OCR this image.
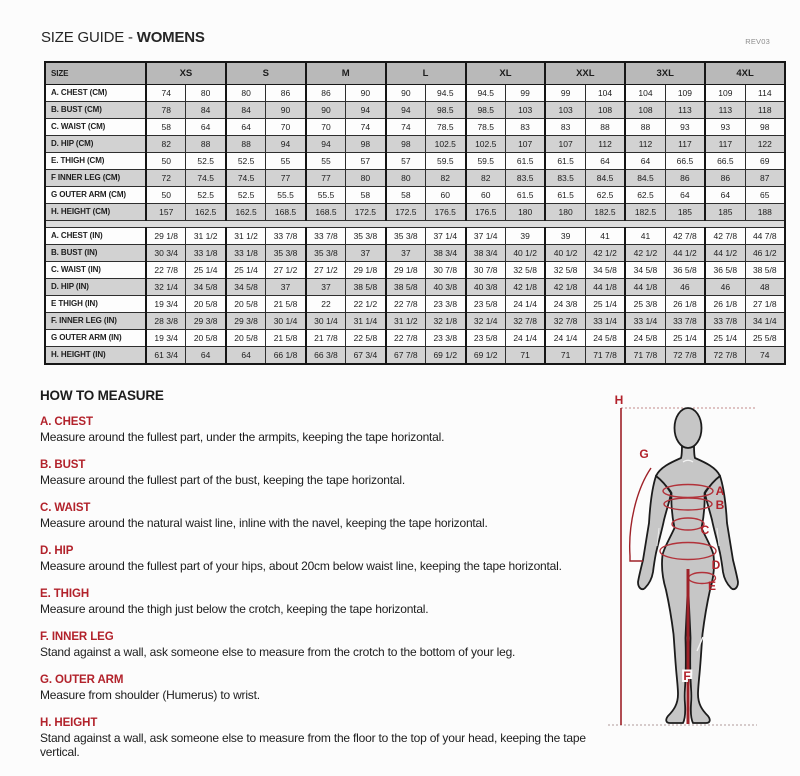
SIZE GUIDE - WOMENS	REV03
SIZE	XS		S		M		L		XL		XXL		3XL		4XL	
A. CHEST (CM)	74	80	80	86	86	90	90	94.5	94.5	99	99	104	104	109	109	114
B. BUST (CM)	78	84	84	90	90	94	94	98.5	98.5	103	103	108	108	113	113	118
C. WAIST (CM)	58	64	64	70	70	74	74	78.5	78.5	83	83	88	88	93	93	98
D. HIP (CM)	82	88	88	94	94	98	98	102.5	102.5	107	107	112	112	117	117	122
E. THIGH (CM)	50	52.5	52.5	55	55	57	57	59.5	59.5	61.5	61.5	64	64	66.5	66.5	69
F INNER LEG (CM)	72	74.5	74.5	77	77	80	80	82	82	83.5	83.5	84.5	84.5	86	86	87
G OUTER ARM (CM)	50	52.5	52.5	55.5	55.5	58	58	60	60	61.5	61.5	62.5	62.5	64	64	65
H. HEIGHT (CM)	157	162.5	162.5	168.5	168.5	172.5	172.5	176.5	176.5	180	180	182.5	182.5	185	185	188

A. CHEST (IN)	29 1/8	31 1/2	31 1/2	33 7/8	33 7/8	35 3/8	35 3/8	37 1/4	37 1/4	39	39	41	41	42 7/8	42 7/8	44 7/8
B. BUST (IN)	30 3/4	33 1/8	33 1/8	35 3/8	35 3/8	37	37	38 3/4	38 3/4	40 1/2	40 1/2	42 1/2	42 1/2	44 1/2	44 1/2	46 1/2
C. WAIST (IN)	22 7/8	25 1/4	25 1/4	27 1/2	27 1/2	29 1/8	29 1/8	30 7/8	30 7/8	32 5/8	32 5/8	34 5/8	34 5/8	36 5/8	36 5/8	38 5/8
D. HIP (IN)	32 1/4	34 5/8	34 5/8	37	37	38 5/8	38 5/8	40 3/8	40 3/8	42 1/8	42 1/8	44 1/8	44 1/8	46	46	48
E THIGH (IN)	19 3/4	20 5/8	20 5/8	21 5/8	22	22 1/2	22 7/8	23 3/8	23 5/8	24 1/4	24 3/8	25 1/4	25 3/8	26 1/8	26 1/8	27 1/8
F. INNER LEG (IN)	28 3/8	29 3/8	29 3/8	30 1/4	30 1/4	31 1/4	31 1/2	32 1/8	32 1/4	32 7/8	32 7/8	33 1/4	33 1/4	33 7/8	33 7/8	34 1/4
G OUTER ARM (IN)	19 3/4	20 5/8	20 5/8	21 5/8	21 7/8	22 5/8	22 7/8	23 3/8	23 5/8	24 1/4	24 1/4	24 5/8	24 5/8	25 1/4	25 1/4	25 5/8
H. HEIGHT (IN)	61 3/4	64	64	66 1/8	66 3/8	67 3/4	67 7/8	69 1/2	69 1/2	71	71	71 7/8	71 7/8	72 7/8	72 7/8	74
HOW TO MEASURE
A. CHEST

Measure around the fullest part, under the armpits, keeping the tape horizontal.

B. BUST

Measure around the fullest part of the bust, keeping the tape horizontal.

C. WAIST

Measure around the natural waist line, inline with the navel, keeping the tape horizontal.

D. HIP

Measure around the fullest part of your hips, about 20cm below waist line, keeping the tape horizontal.

E. THIGH

Measure around the thigh just below the crotch, keeping the tape horizontal.

F. INNER LEG

Stand against a wall, ask someone else to measure from the crotch to the bottom of your leg.

G. OUTER ARM

Measure from shoulder (Humerus) to wrist.

H. HEIGHT

Stand against a wall, ask someone else to measure from the floor to the top of your head, keeping the tape vertical.

A
B
C
D
E
F
G
H
